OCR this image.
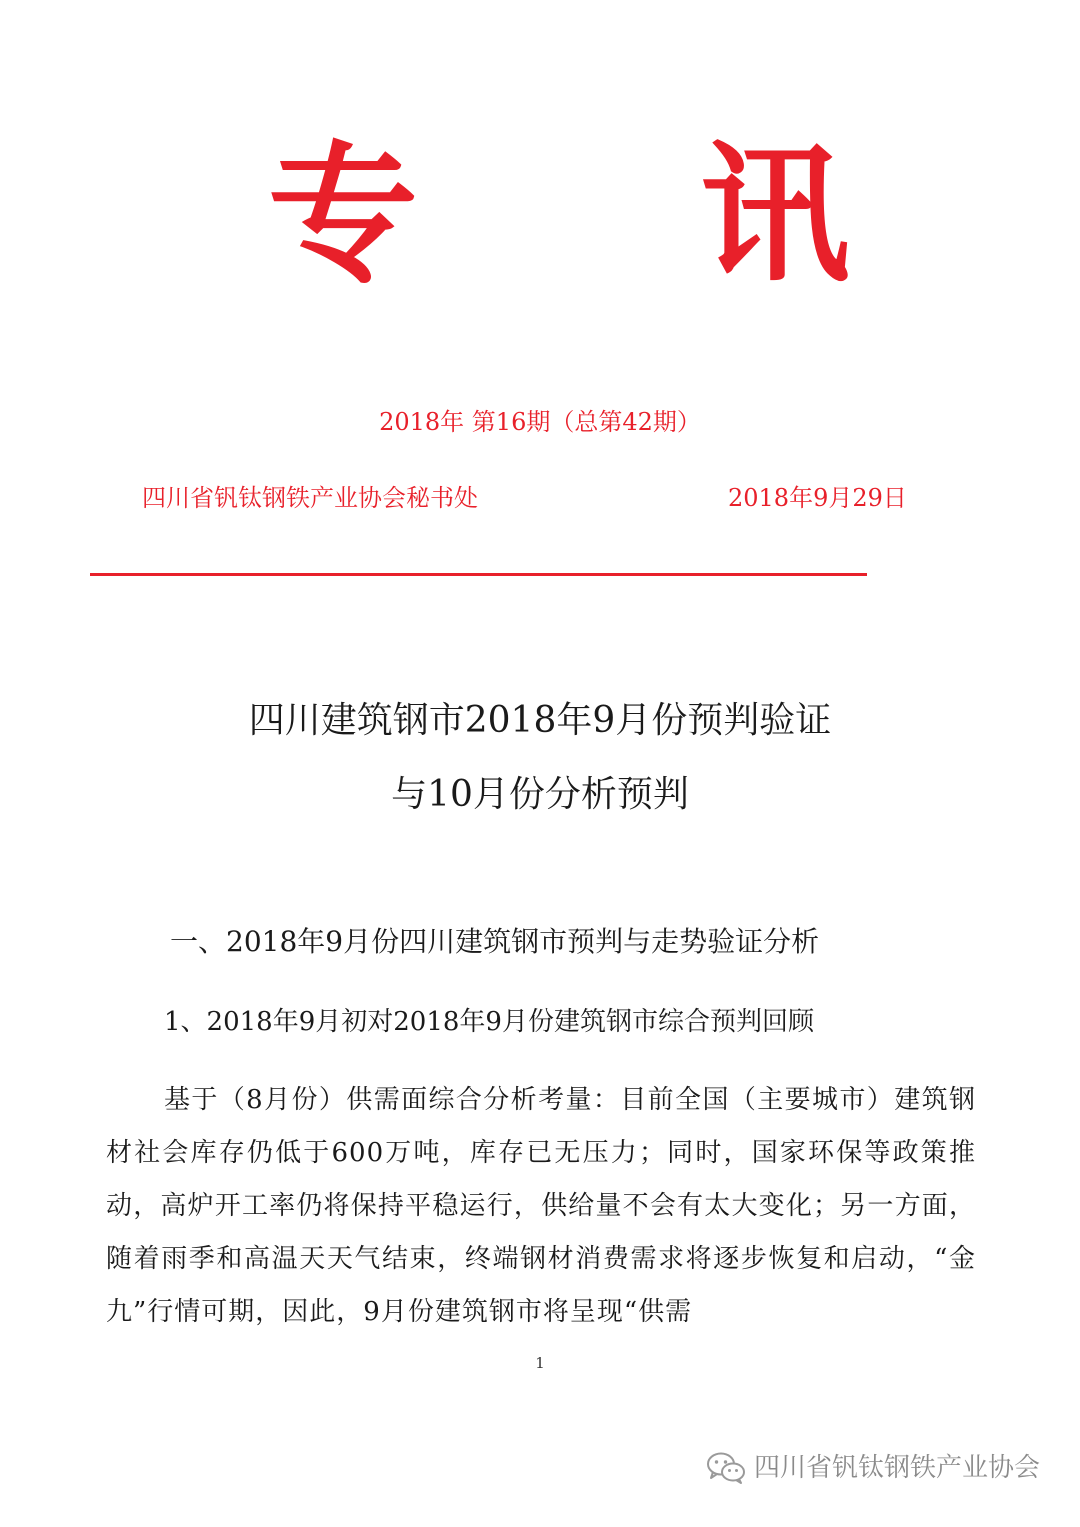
专 讯
2018年 第16期（总第42期）
四川省钒钛钢铁产业协会秘书处	2018年9月29日
四川建筑钢市2018年9月份预判验证
与10月份分析预判
一、2018年9月份四川建筑钢市预判与走势验证分析
1、2018年9月初对2018年9月份建筑钢市综合预判回顾
基于（8月份）供需面综合分析考量：目前全国（主要城市）建筑钢材社会库存仍低于600万吨，库存已无压力；同时，国家环保等政策推动，高炉开工率仍将保持平稳运行，供给量不会有太大变化；另一方面，随着雨季和高温天天气结束，终端钢材消费需求将逐步恢复和启动，“金九”行情可期，因此，9月份建筑钢市将呈现“供需
1
四川省钒钛钢铁产业协会
